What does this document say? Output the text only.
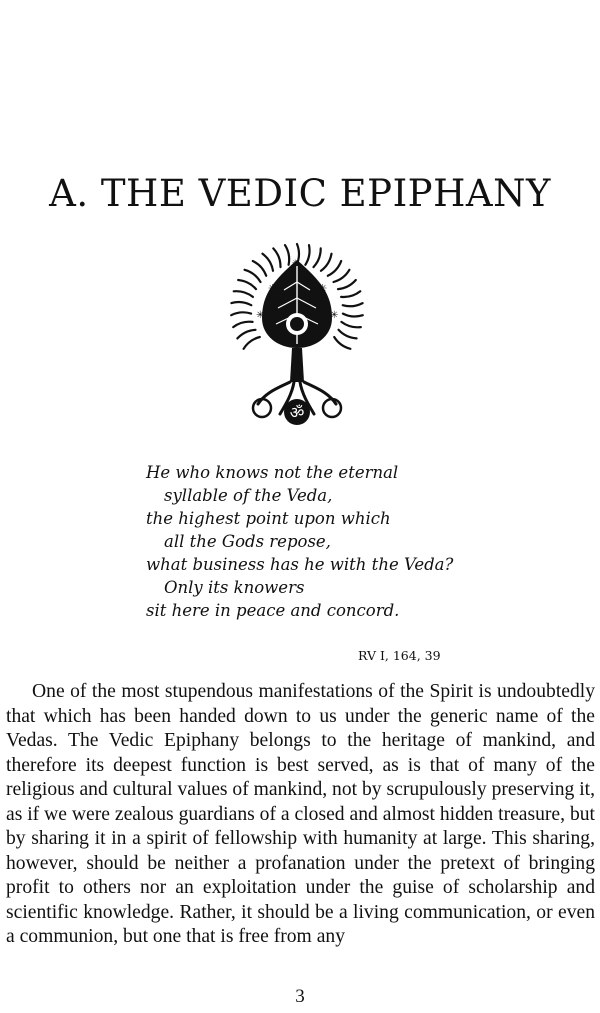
A. THE VEDIC EPIPHANY
✳	✳
✳	✳
✳
ॐ
He who knows not the eternal
syllable of the Veda,
the highest point upon which
all the Gods repose,
what business has he with the Veda?
Only its knowers
sit here in peace and concord.
RV I, 164, 39

One of the most stupendous manifestations of the Spirit is undoubtedly that which has been handed down to us under the generic name of the Vedas. The Vedic Epiphany belongs to the heritage of mankind, and therefore its deepest function is best served, as is that of many of the religious and cultural values of mankind, not by scrupulously preserving it, as if we were zealous guardians of a closed and almost hidden treasure, but by sharing it in a spirit of fellowship with humanity at large. This sharing, however, should be neither a profanation under the pretext of bringing profit to others nor an exploitation under the guise of scholarship and scientific knowledge. Rather, it should be a living communication, or even a communion, but one that is free from any

3
